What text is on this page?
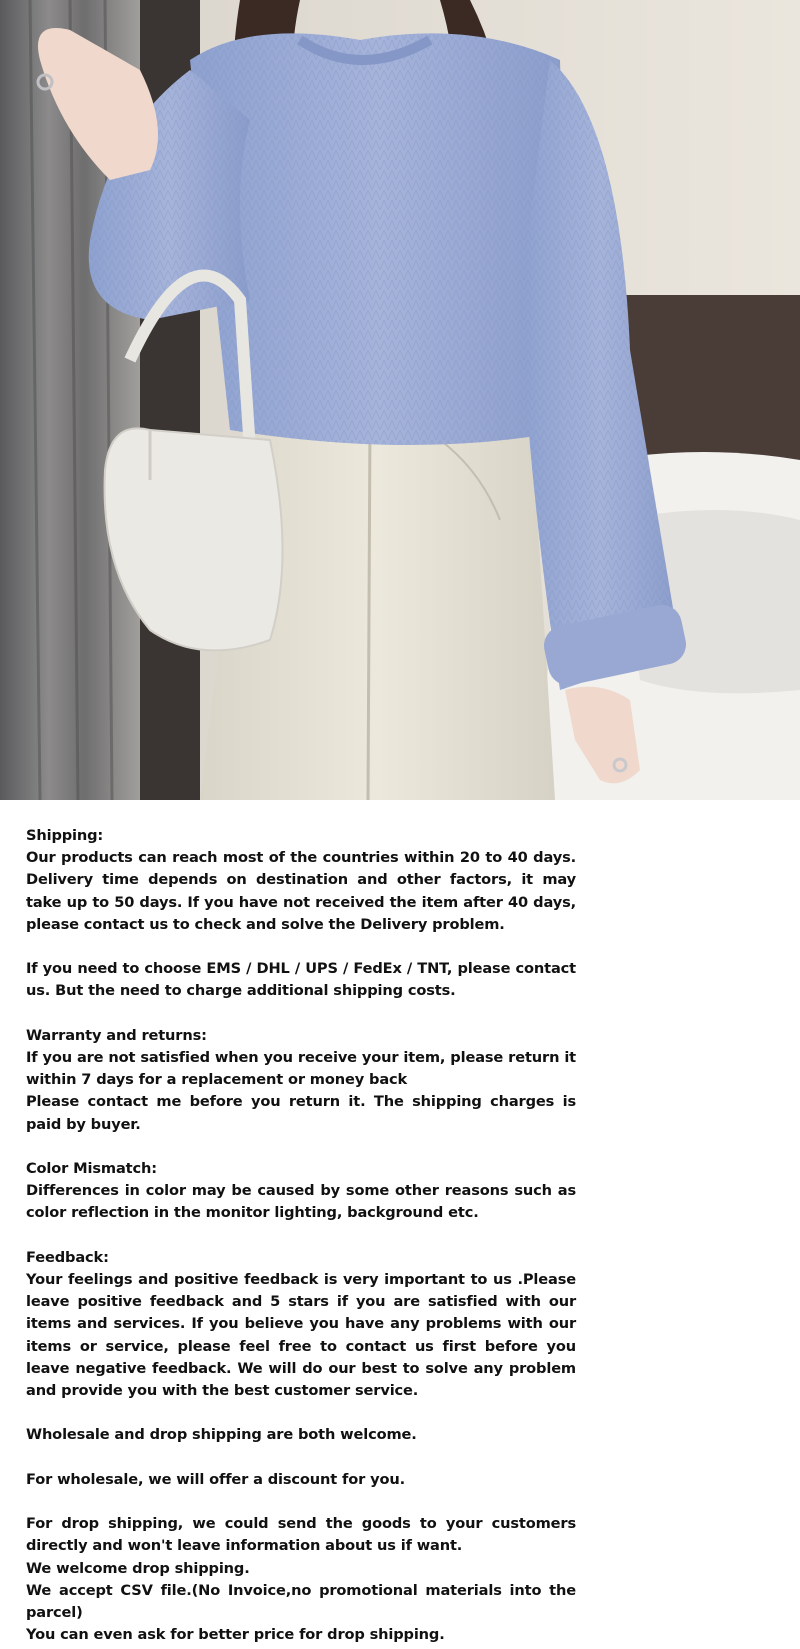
Shipping:

Our products can reach most of the countries within 20 to 40 days. Delivery time depends on destination and other factors, it may take up to 50 days. If you have not received the item after 40 days, please contact us to check and solve the Delivery problem.

If you need to choose EMS / DHL / UPS / FedEx / TNT, please contact us. But the need to charge additional shipping costs.

Warranty and returns:

If you are not satisfied when you receive your item, please return it within 7 days for a replacement or money back

Please contact me before you return it. The shipping charges is paid by buyer.

Color Mismatch:

Differences in color may be caused by some other reasons such as color reflection in the monitor lighting, background etc.

Feedback:

Your feelings and positive feedback is very important to us .Please leave positive feedback and 5 stars if you are satisfied with our items and services. If you believe you have any problems with our items or service, please feel free to contact us first before you leave negative feedback. We will do our best to solve any problem and provide you with the best customer service.

Wholesale and drop shipping are both welcome.

For wholesale, we will offer a discount for you.

For drop shipping, we could send the goods to your customers directly and won't leave information about us if want.

We welcome drop shipping.

We accept CSV file.(No Invoice,no promotional materials into the parcel)

You can even ask for better price for drop shipping.
